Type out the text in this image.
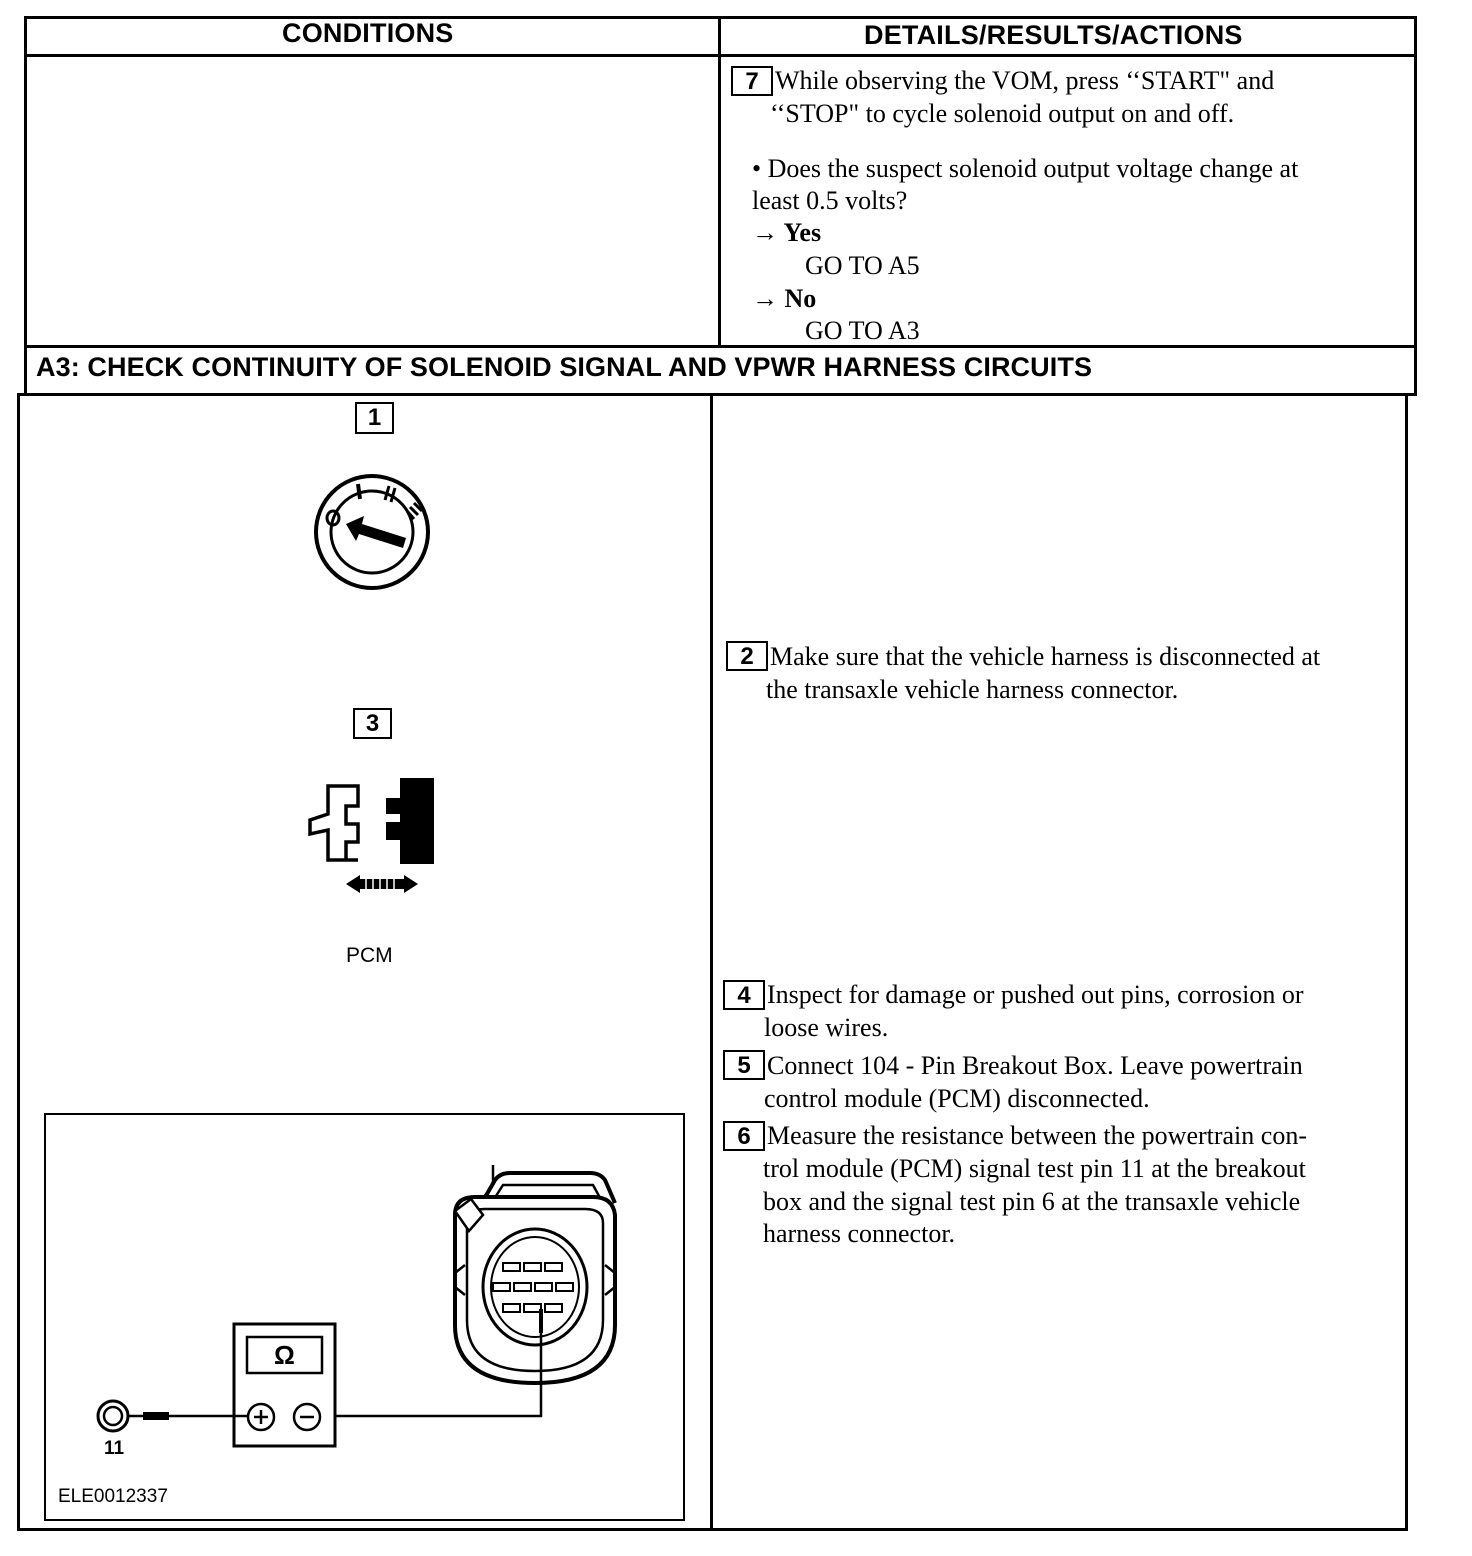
CONDITIONS	DETAILS/RESULTS/ACTIONS
7 While observing the VOM, press ‘‘START" and
‘‘STOP" to cycle solenoid output on and off.
• Does the suspect solenoid output voltage change at
least 0.5 volts?
→ Yes
GO TO A5
→ No
GO TO A3
A3: CHECK CONTINUITY OF SOLENOID SIGNAL AND VPWR HARNESS CIRCUITS
1
3
PCM
Ω
11
ELE0012337
2 Make sure that the vehicle harness is disconnected at
the transaxle vehicle harness connector.
4 Inspect for damage or pushed out pins, corrosion or
loose wires.
5 Connect 104 - Pin Breakout Box. Leave powertrain
control module (PCM) disconnected.
6 Measure the resistance between the powertrain con-
trol module (PCM) signal test pin 11 at the breakout
box and the signal test pin 6 at the transaxle vehicle
harness connector.
